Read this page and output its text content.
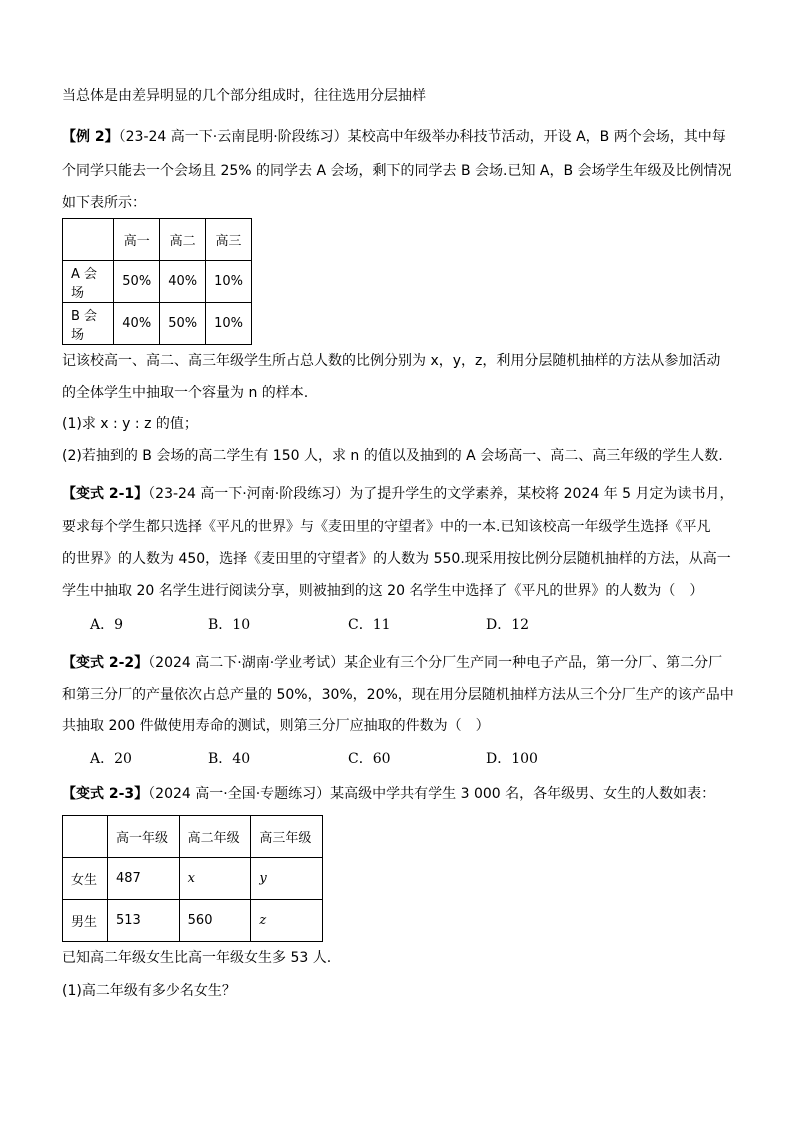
当总体是由差异明显的几个部分组成时，往往选用分层抽样
【例 2】（23-24 高一下·云南昆明·阶段练习）某校高中年级举办科技节活动，开设 A，B 两个会场，其中每
个同学只能去一个会场且 25% 的同学去 A 会场，剩下的同学去 B 会场.已知 A，B 会场学生年级及比例情况
如下表所示：
	高一	高二	高三
A 会场	50%	40%	10%
B 会场	40%	50%	10%
记该校高一、高二、高三年级学生所占总人数的比例分别为 x，y，z，利用分层随机抽样的方法从参加活动
的全体学生中抽取一个容量为 n 的样本.
(1)求 x : y : z 的值；
(2)若抽到的 B 会场的高二学生有 150 人，求 n 的值以及抽到的 A 会场高一、高二、高三年级的学生人数.
【变式 2-1】（23-24 高一下·河南·阶段练习）为了提升学生的文学素养，某校将 2024 年 5 月定为读书月，
要求每个学生都只选择《平凡的世界》与《麦田里的守望者》中的一本.已知该校高一年级学生选择《平凡
的世界》的人数为 450，选择《麦田里的守望者》的人数为 550.现采用按比例分层随机抽样的方法，从高一
学生中抽取 20 名学生进行阅读分享，则被抽到的这 20 名学生中选择了《平凡的世界》的人数为（　）
A．9	B．10	C．11	D．12
【变式 2-2】（2024 高二下·湖南·学业考试）某企业有三个分厂生产同一种电子产品，第一分厂、第二分厂
和第三分厂的产量依次占总产量的 50%，30%，20%，现在用分层随机抽样方法从三个分厂生产的该产品中
共抽取 200 件做使用寿命的测试，则第三分厂应抽取的件数为（　）
A．20	B．40	C．60	D．100
【变式 2-3】（2024 高一·全国·专题练习）某高级中学共有学生 3 000 名，各年级男、女生的人数如表：
	高一年级	高二年级	高三年级
女生	487	x	y
男生	513	560	z
已知高二年级女生比高一年级女生多 53 人.
(1)高二年级有多少名女生？
